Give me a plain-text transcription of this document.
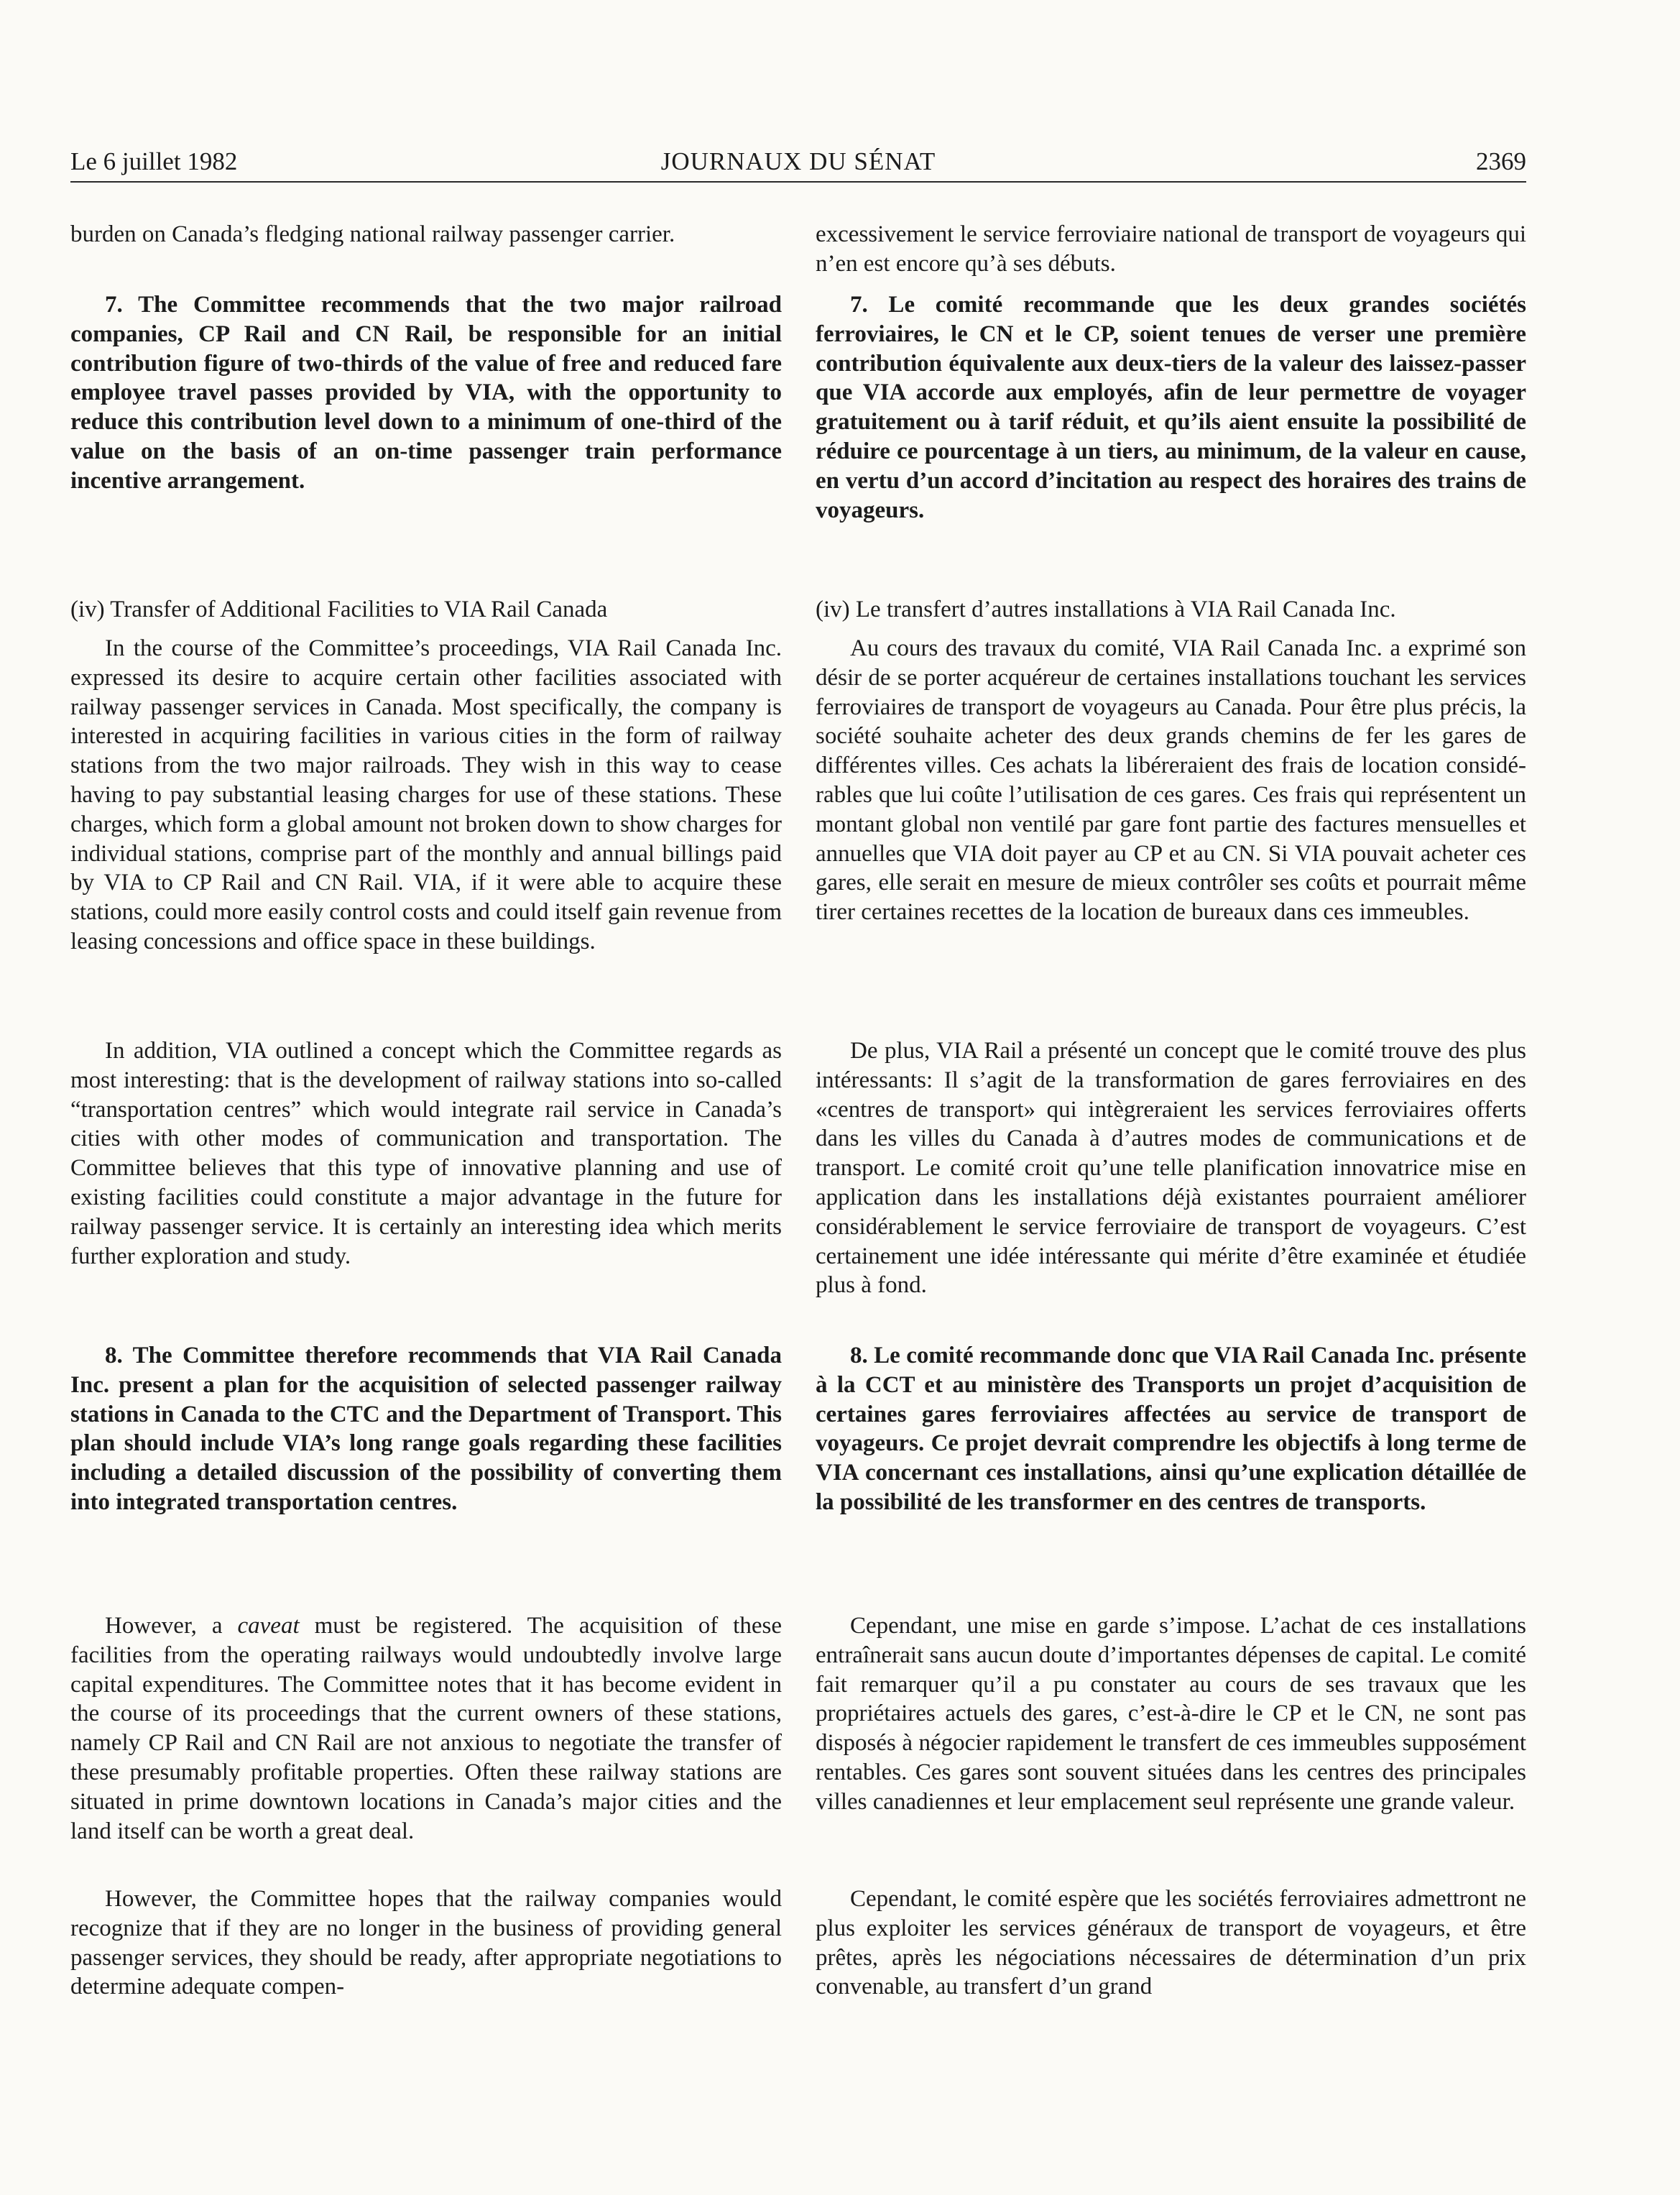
Le 6 juillet 1982	JOURNAUX DU SÉNAT	2369

burden on Canada’s fledging national railway passenger carrier.

7. The Committee recommends that the two major railroad companies, CP Rail and CN Rail, be responsible for an initial contribution figure of two-thirds of the value of free and reduced fare employee travel passes provided by VIA, with the opportunity to reduce this contribution level down to a minimum of one-third of the value on the basis of an on-time passenger train performance incentive arrangement.

(iv) Transfer of Additional Facilities to VIA Rail Canada

In the course of the Committee’s proceedings, VIA Rail Canada Inc. expressed its desire to acquire certain other facilities associated with railway passenger services in Canada. Most specifically, the company is interested in acquiring facilities in various cities in the form of railway stations from the two major railroads. They wish in this way to cease having to pay substantial leasing charges for use of these stations. These charges, which form a global amount not broken down to show charges for individual stations, comprise part of the monthly and annual billings paid by VIA to CP Rail and CN Rail. VIA, if it were able to acquire these stations, could more easily control costs and could itself gain revenue from leasing concessions and office space in these buildings.

In addition, VIA outlined a concept which the Committee regards as most interesting: that is the development of railway stations into so-called “transportation centres” which would integrate rail service in Canada’s cities with other modes of communication and transportation. The Committee believes that this type of innovative planning and use of existing facilities could constitute a major advantage in the future for railway passenger service. It is certainly an interesting idea which merits further exploration and study.

8. The Committee therefore recommends that VIA Rail Canada Inc. present a plan for the acquisition of selected passenger railway stations in Canada to the CTC and the Department of Transport. This plan should include VIA’s long range goals regarding these facilities including a detailed discussion of the possibility of converting them into integrated transportation centres.

However, a caveat must be registered. The acquisition of these facilities from the operating railways would undoubtedly involve large capital expenditures. The Committee notes that it has become evident in the course of its proceedings that the current owners of these stations, namely CP Rail and CN Rail are not anxious to negotiate the transfer of these presumably profitable properties. Often these railway stations are situated in prime downtown locations in Canada’s major cities and the land itself can be worth a great deal.

However, the Committee hopes that the railway companies would recognize that if they are no longer in the business of providing general passenger services, they should be ready, after appropriate negotiations to determine adequate compen-

excessivement le service ferroviaire national de transport de voyageurs qui n’en est encore qu’à ses débuts.

7. Le comité recommande que les deux grandes sociétés ferroviaires, le CN et le CP, soient tenues de verser une première contribution équivalente aux deux-tiers de la valeur des laissez-passer que VIA accorde aux employés, afin de leur permettre de voyager gratuitement ou à tarif réduit, et qu’ils aient ensuite la possibilité de réduire ce pourcentage à un tiers, au minimum, de la valeur en cause, en vertu d’un accord d’incitation au respect des horaires des trains de voyageurs.

(iv) Le transfert d’autres installations à VIA Rail Canada Inc.

Au cours des travaux du comité, VIA Rail Canada Inc. a exprimé son désir de se porter acquéreur de certaines installations touchant les services ferroviaires de transport de voyageurs au Canada. Pour être plus précis, la société souhaite acheter des deux grands chemins de fer les gares de différentes villes. Ces achats la libéreraient des frais de location considérables que lui coûte l’utilisation de ces gares. Ces frais qui représentent un montant global non ventilé par gare font partie des factures mensuelles et annuelles que VIA doit payer au CP et au CN. Si VIA pouvait acheter ces gares, elle serait en mesure de mieux contrôler ses coûts et pourrait même tirer certaines recettes de la location de bureaux dans ces immeubles.

De plus, VIA Rail a présenté un concept que le comité trouve des plus intéressants: Il s’agit de la transformation de gares ferroviaires en des «centres de transport» qui intègreraient les services ferroviaires offerts dans les villes du Canada à d’autres modes de communications et de transport. Le comité croit qu’une telle planification innovatrice mise en application dans les installations déjà existantes pourraient améliorer considérablement le service ferroviaire de transport de voyageurs. C’est certainement une idée intéressante qui mérite d’être examinée et étudiée plus à fond.

8. Le comité recommande donc que VIA Rail Canada Inc. présente à la CCT et au ministère des Transports un projet d’acquisition de certaines gares ferroviaires affectées au service de transport de voyageurs. Ce projet devrait comprendre les objectifs à long terme de VIA concernant ces installations, ainsi qu’une explication détaillée de la possibilité de les transformer en des centres de transports.

Cependant, une mise en garde s’impose. L’achat de ces installations entraînerait sans aucun doute d’importantes dépenses de capital. Le comité fait remarquer qu’il a pu constater au cours de ses travaux que les propriétaires actuels des gares, c’est-à-dire le CP et le CN, ne sont pas disposés à négocier rapidement le transfert de ces immeubles supposément rentables. Ces gares sont souvent situées dans les centres des principales villes canadiennes et leur emplacement seul représente une grande valeur.

Cependant, le comité espère que les sociétés ferroviaires admettront ne plus exploiter les services généraux de transport de voyageurs, et être prêtes, après les négociations nécessaires de détermination d’un prix convenable, au transfert d’un grand
